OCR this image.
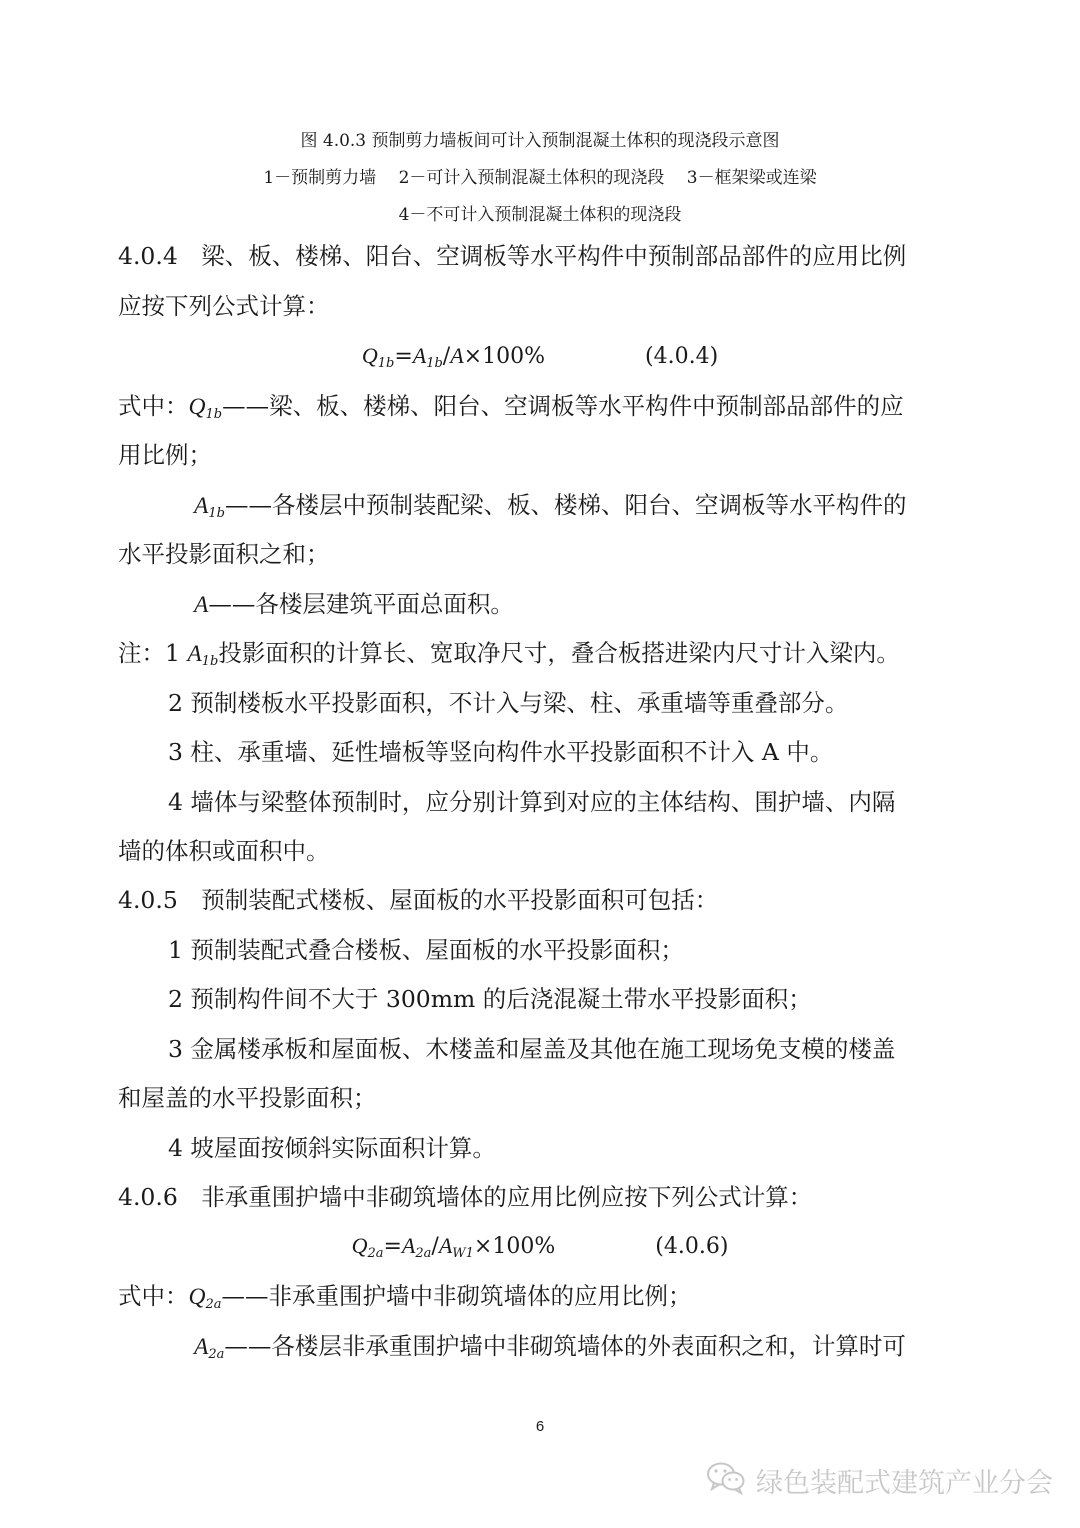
图 4.0.3 预制剪力墙板间可计入预制混凝土体积的现浇段示意图
1－预制剪力墙　 2－可计入预制混凝土体积的现浇段 　3－框架梁或连梁
4－不可计入预制混凝土体积的现浇段
4.0.4　梁、板、楼梯、阳台、空调板等水平构件中预制部品部件的应用比例
应按下列公式计算：
$Q_{1b}=A_{1b}/A\times 100\%$	(4.0.4)
式中：$Q_{1b}——$梁、板、楼梯、阳台、空调板等水平构件中预制部品部件的应
用比例；
$A_{1b}——$各楼层中预制装配梁、板、楼梯、阳台、空调板等水平构件的
水平投影面积之和；
A——各楼层建筑平面总面积。
注：1 $A_{1b}$投影面积的计算长、宽取净尺寸，叠合板搭进梁内尺寸计入梁内。
2 预制楼板水平投影面积，不计入与梁、柱、承重墙等重叠部分。
3 柱、承重墙、延性墙板等竖向构件水平投影面积不计入 A 中。
4 墙体与梁整体预制时，应分别计算到对应的主体结构、围护墙、内隔
墙的体积或面积中。
4.0.5　预制装配式楼板、屋面板的水平投影面积可包括：
1 预制装配式叠合楼板、屋面板的水平投影面积；
2 预制构件间不大于 300mm 的后浇混凝土带水平投影面积；
3 金属楼承板和屋面板、木楼盖和屋盖及其他在施工现场免支模的楼盖
和屋盖的水平投影面积；
4 坡屋面按倾斜实际面积计算。
4.0.6　非承重围护墙中非砌筑墙体的应用比例应按下列公式计算：
$Q_{2a}=A_{2a}/A_{W1}\times 100\%$	(4.0.6)
式中：$Q_{2a}——$非承重围护墙中非砌筑墙体的应用比例；
$A_{2a}——$各楼层非承重围护墙中非砌筑墙体的外表面积之和，计算时可
6
绿色装配式建筑产业分会
